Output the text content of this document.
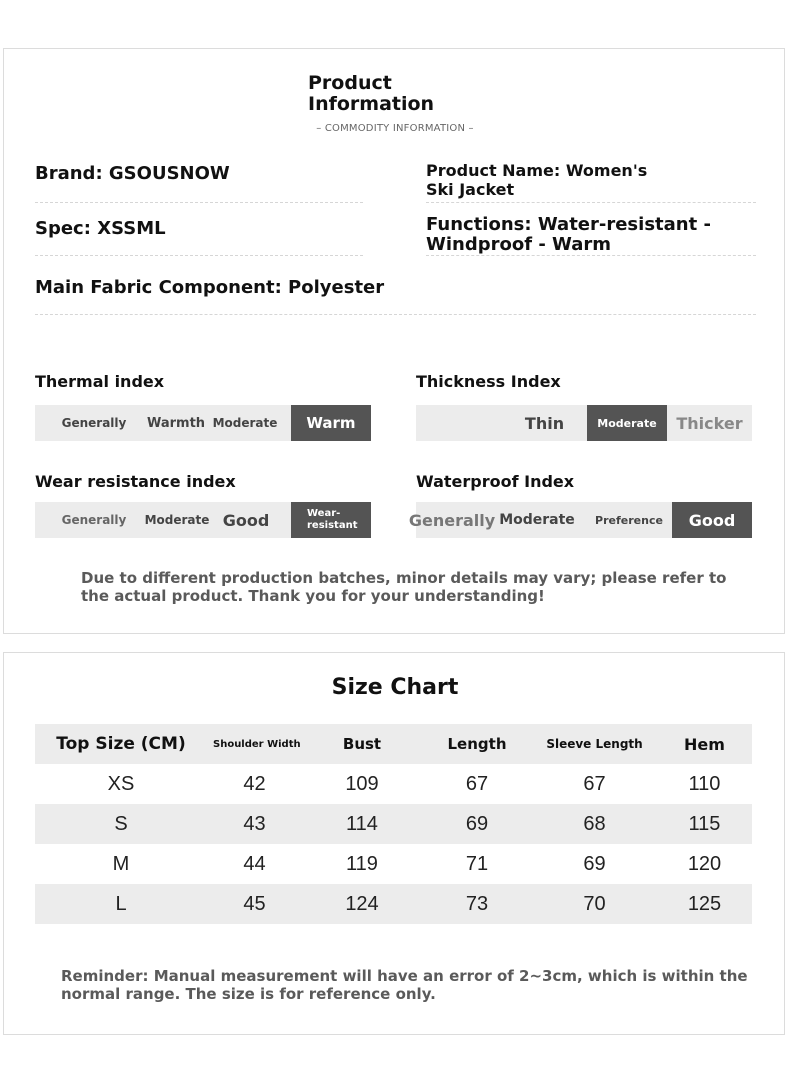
Product Information
– COMMODITY INFORMATION –
Brand: GSOUSNOW	Product Name: Women's Ski Jacket
Spec: XSSML	Functions: Water-resistant - Windproof - Warm
Main Fabric Component: Polyester
Thermal index
Generally	Warmth Moderate	Warm
Thickness Index
Thin	Moderate	Thicker
Wear resistance index
Generally	Moderate Good	Wear-resistant
Waterproof Index
Generally Moderate	Preference	Good
Due to different production batches, minor details may vary; please refer to the actual product. Thank you for your understanding!
Size Chart
Top Size (CM)	Shoulder Width	Bust	Length	Sleeve Length	Hem
XS	42	109	67	67	110
S	43	114	69	68	115
M	44	119	71	69	120
L	45	124	73	70	125
Reminder: Manual measurement will have an error of 2~3cm, which is within the normal range. The size is for reference only.
